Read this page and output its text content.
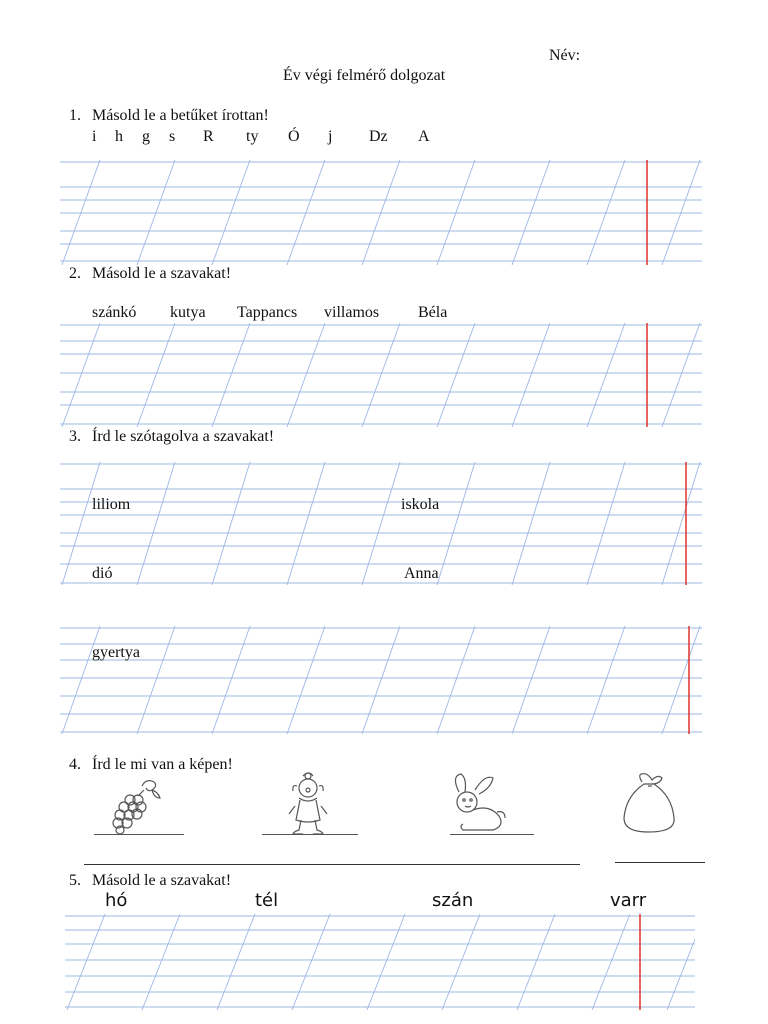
Név:
Év végi felmérő dolgozat
1. Másold le a betűket írottan!
i h g s R ty Ó j Dz A
2. Másold le a szavakat!
szánkó kutya Tappancs villamos Béla
3. Írd le szótagolva a szavakat!
liliom	iskola
dió	Anna
gyertya
4. Írd le mi van a képen!
5. Másold le a szavakat!
hó	tél	szán	varr
